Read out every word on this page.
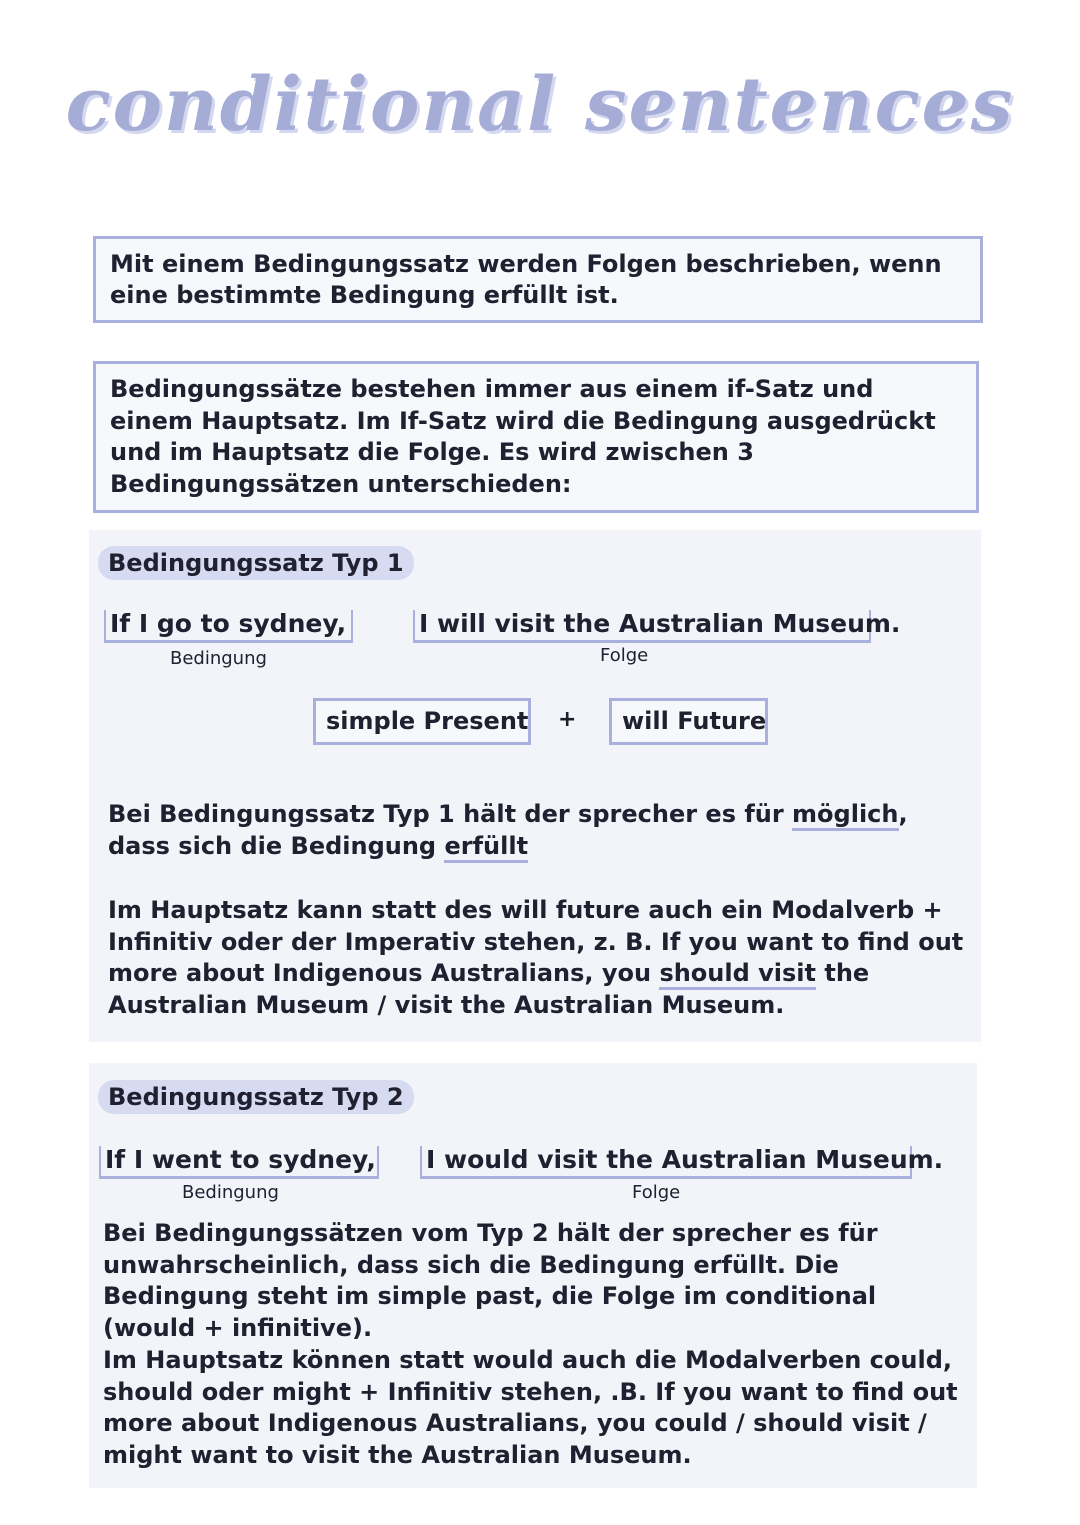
conditional sentences

Mit einem Bedingungssatz werden Folgen beschrieben, wenn eine bestimmte Bedingung erfüllt ist.

Bedingungssätze bestehen immer aus einem if-Satz und einem Hauptsatz. Im If-Satz wird die Bedingung ausgedrückt und im Hauptsatz die Folge. Es wird zwischen 3 Bedingungssätzen unterschieden:

Bedingungssatz Typ 1
If I go to sydney,
Bedingung
I will visit the Australian Museum.
Folge
simple Present +	will Future

Bei Bedingungssatz Typ 1 hält der sprecher es für möglich, dass sich die Bedingung erfüllt

Im Hauptsatz kann statt des will future auch ein Modalverb + Infinitiv oder der Imperativ stehen, z. B. If you want to find out more about Indigenous Australians, you should visit the Australian Museum / visit the Australian Museum.

Bedingungssatz Typ 2
If I went to sydney,
Bedingung
I would visit the Australian Museum.
Folge

Bei Bedingungssätzen vom Typ 2 hält der sprecher es für unwahrscheinlich, dass sich die Bedingung erfüllt. Die Bedingung steht im simple past, die Folge im conditional (would + infinitive).

Im Hauptsatz können statt would auch die Modalverben could, should oder might + Infinitiv stehen, .B. If you want to find out more about Indigenous Australians, you could / should visit / might want to visit the Australian Museum.
